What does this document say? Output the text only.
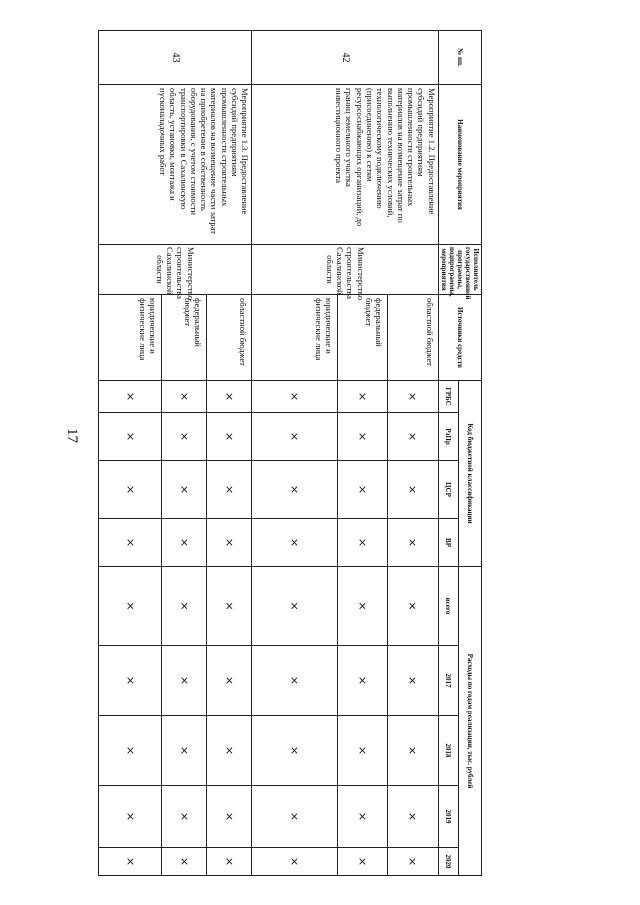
17
№ пп.	Наименование мероприятия	Исполнитель государственной программы, подпрограммы, мероприятия	Источники средств	Код бюджетной классификации				Расходы по годам реализации, тыс. рублей				
				ГРБС	РзПр	ЦСР	ВР	всего	2017	2018	2019	2020
42	Мероприятие 1.2. Предоставление субсидий предприятиям промышленности строительных материалов на возмещение затрат по выполнению технических условий, технологическому подключению (присоединению) к сетям ресурсоснабжающих организаций, до границ земельного участка инвестиционного проекта	Министерство строительства Сахалинской области	областной бюджет	×	×	×	×	×	×	×	×	×
			федеральный бюджет	×	×	×	×	×	×	×	×	×
			юридические и физические лица	×	×	×	×	×	×	×	×	×
43	Мероприятие 1.3. Предоставление субсидий предприятиям промышленности строительных материалов на возмещение части затрат на приобретение в собственность оборудования, с учетом стоимости транспортировки в Сахалинскую область, установки, монтажа и пусконаладочных работ	Министерство строительства Сахалинской области	областной бюджет	×	×	×	×	×	×	×	×	×
			федеральный бюджет	×	×	×	×	×	×	×	×	×
			юридические и физические лица	×	×	×	×	×	×	×	×	×
